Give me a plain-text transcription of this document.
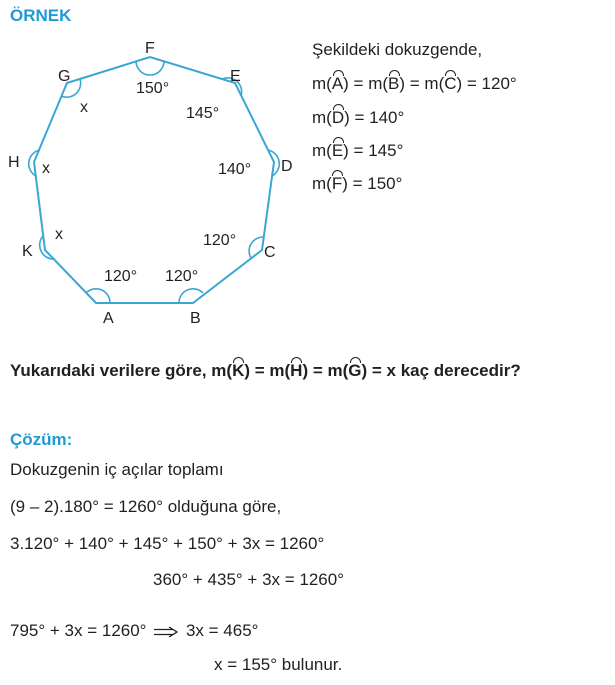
ÖRNEK
F
G	E
H	D
K	C
A	B
150°
x	145°
x	140°
x	120°
120° 120°
Şekildeki dokuzgende,
m(A) = m(B) = m(C) = 120°
m(D) = 140°
m(E) = 145°
m(F) = 150°
Yukarıdaki verilere göre, m(K) = m(H) = m(G) = x kaç derecedir?
Çözüm:
Dokuzgenin iç açılar toplamı
(9 – 2).180° = 1260° olduğuna göre,
3.120° + 140° + 145° + 150° + 3x = 1260°
360° + 435° + 3x = 1260°
795° + 3x = 1260° 3x = 465°
x = 155° bulunur.
